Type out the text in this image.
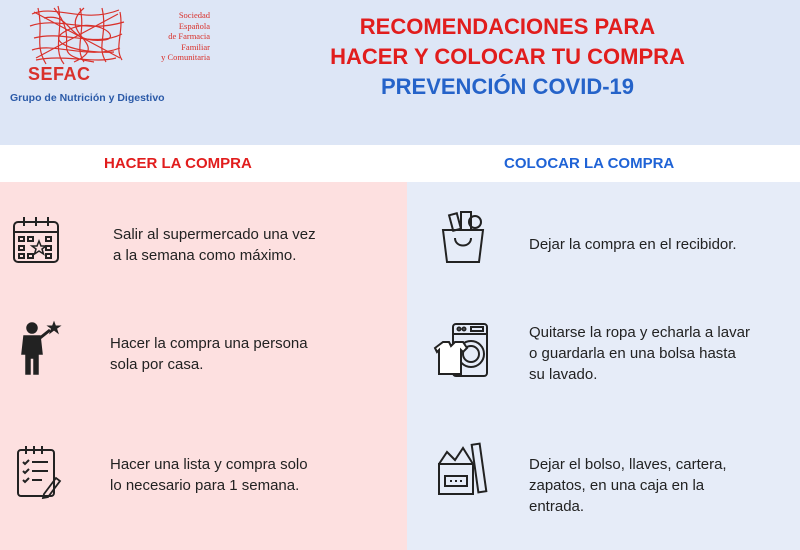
SEFAC
Sociedad
Española
de Farmacia
Familiar
y Comunitaria
Grupo de Nutrición y Digestivo
RECOMENDACIONES PARA
HACER Y COLOCAR TU COMPRA
PREVENCIÓN COVID-19
HACER LA COMPRA	COLOCAR LA COMPRA
Salir al supermercado una vez
a la semana como máximo.
Hacer la compra una persona
sola por casa.
Hacer una lista y compra solo
lo necesario para 1 semana.
Dejar la compra en el recibidor.
Quitarse la ropa y echarla a lavar
o guardarla en una bolsa hasta
su lavado.
Dejar el bolso, llaves, cartera,
zapatos, en una caja en la
entrada.
